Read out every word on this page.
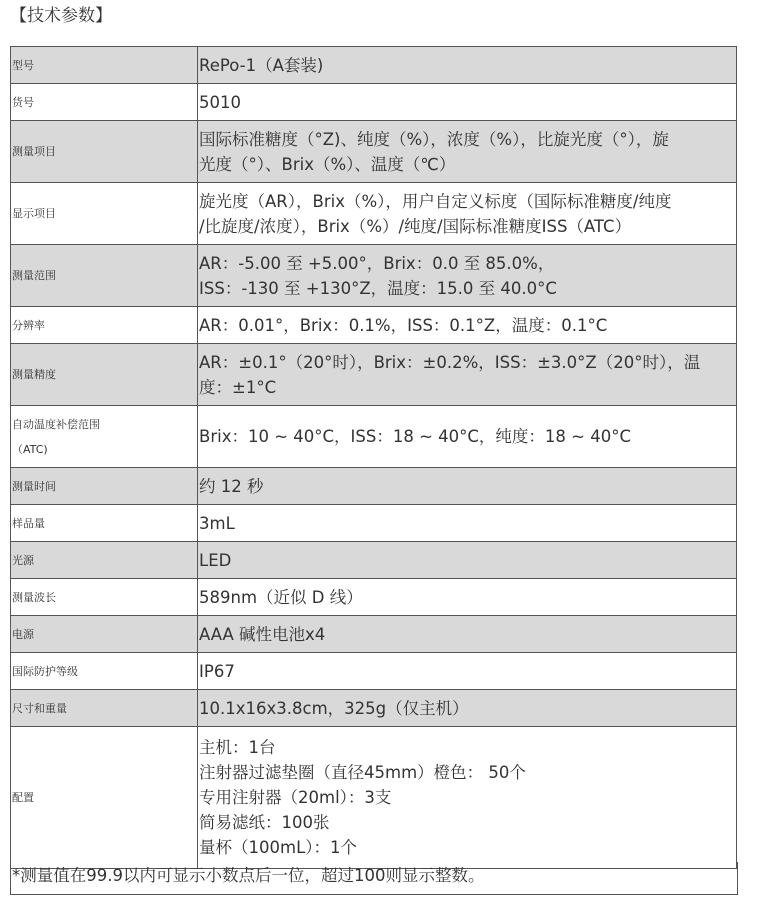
【技术参数】
型号	RePo-1（A套装)

货号	5010

测量项目	国际标准糖度（°Z)、纯度（%），浓度（%），比旋光度（°），旋
光度（°）、Brix（%）、温度（℃）

显示项目	旋光度（AR），Brix（%），用户自定义标度（国际标准糖度/纯度
/比旋度/浓度），Brix（%）/纯度/国际标准糖度ISS（ATC）

测量范围	AR：-5.00 至 +5.00°，Brix：0.0 至 85.0%，
ISS：-130 至 +130°Z，温度：15.0 至 40.0°C

分辨率	AR：0.01°，Brix：0.1%，ISS：0.1°Z，温度：0.1°C

测量精度	AR：±0.1°（20°时），Brix：±0.2%，ISS：±3.0°Z（20°时），温
度：±1°C

自动温度补偿范围
（ATC)	Brix：10 ~ 40°C，ISS：18 ~ 40°C，纯度：18 ~ 40°C

测量时间	约 12 秒

样品量	3mL

光源	LED

测量波长	589nm（近似 D 线）

电源	AAA 碱性电池x4

国际防护等级	IP67

尺寸和重量	10.1x16x3.8cm，325g（仅主机）

配置	主机：1台
注射器过滤垫圈（直径45mm）橙色： 50个
专用注射器（20ml）：3支
简易滤纸：100张
量杯（100mL）：1个
*测量值在99.9以内可显示小数点后一位，超过100则显示整数。
